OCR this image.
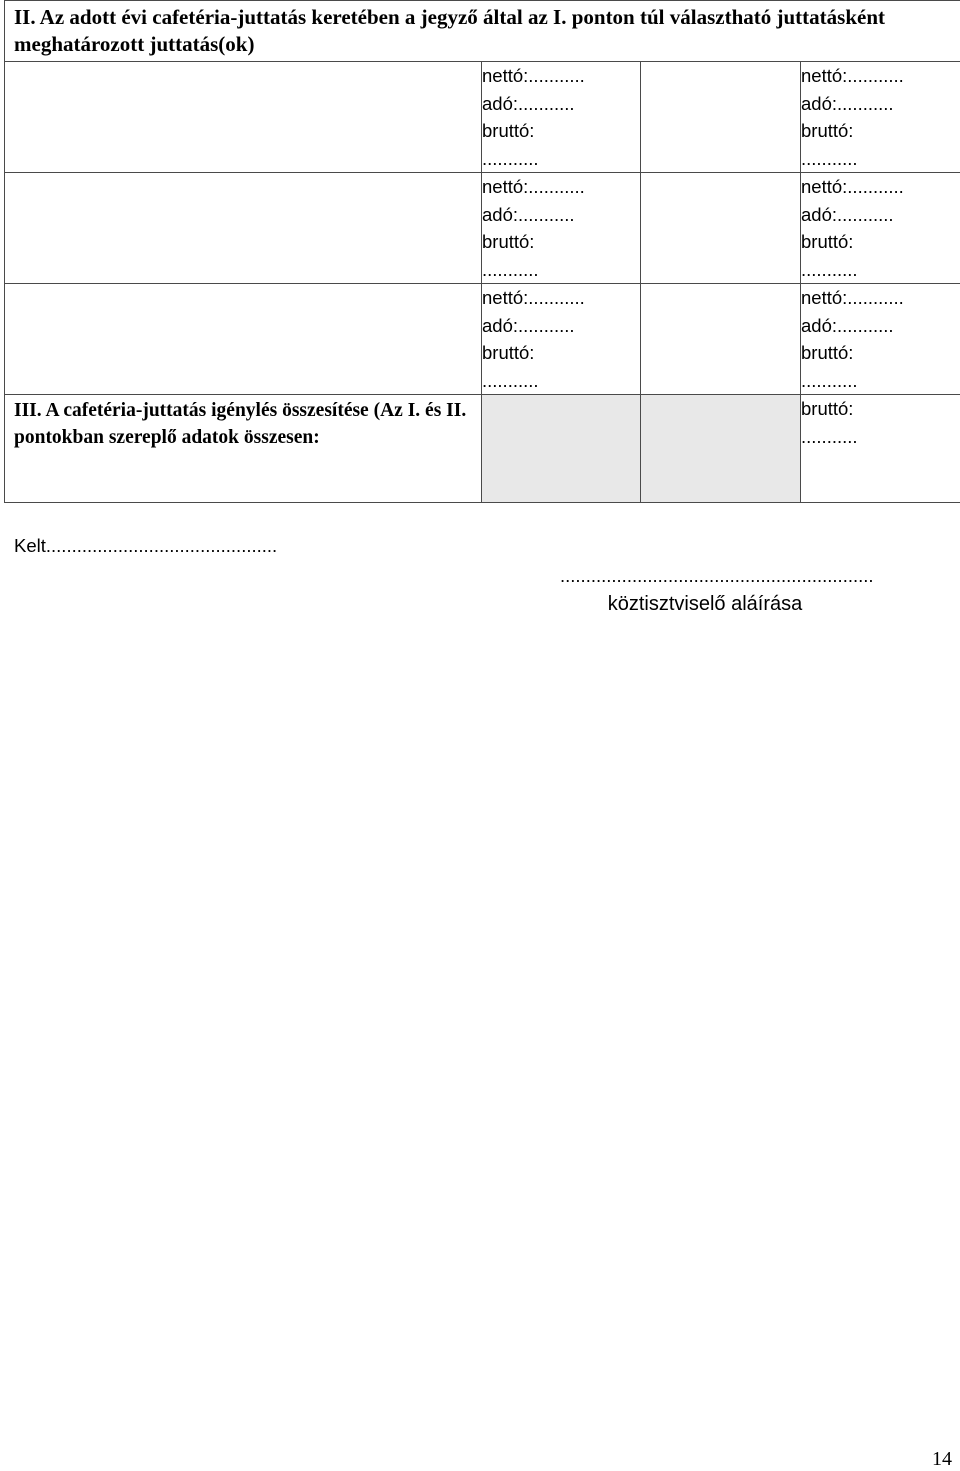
II. Az adott évi cafetéria-juttatás keretében a jegyző által az I. ponton túl választható juttatásként meghatározott juttatás(ok)			

	nettó:...........
adó:...........
bruttó:
...........		nettó:...........
adó:...........
bruttó:
...........

	nettó:...........
adó:...........
bruttó:
...........		nettó:...........
adó:...........
bruttó:
...........

	nettó:...........
adó:...........
bruttó:
...........		nettó:...........
adó:...........
bruttó:
...........

III. A cafetéria-juttatás igénylés összesítése (Az I. és II. pontokban szereplő adatok összesen:			bruttó:
...........
Kelt.............................................
.............................................................
köztisztviselő aláírása
14
